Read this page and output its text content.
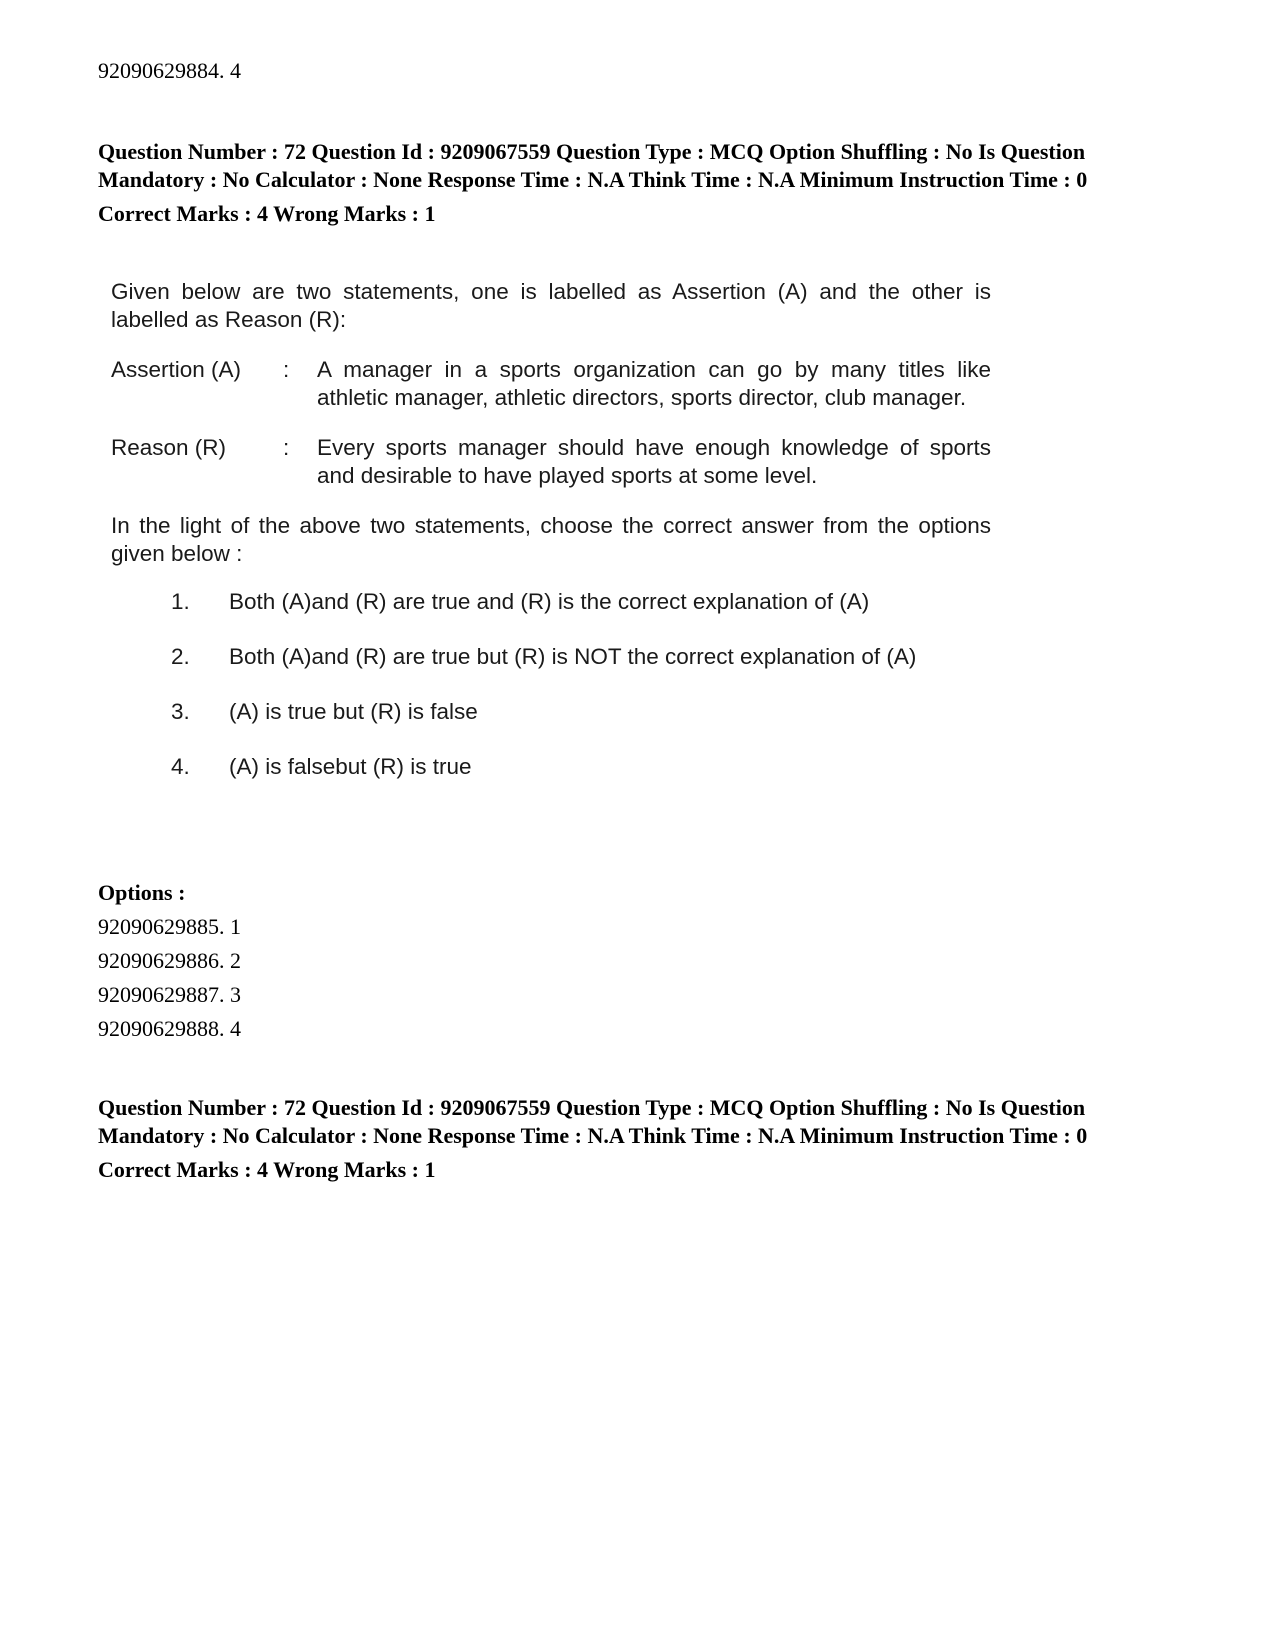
92090629884. 4

Question Number : 72 Question Id : 9209067559 Question Type : MCQ Option Shuffling : No Is Question Mandatory : No Calculator : None Response Time : N.A Think Time : N.A Minimum Instruction Time : 0

Correct Marks : 4 Wrong Marks : 1

Given below are two statements, one is labelled as Assertion (A) and the other is labelled as Reason (R):

Assertion (A)	:	A manager in a sports organization can go by many titles like athletic manager, athletic directors, sports director, club manager.
Reason (R)	:	Every sports manager should have enough knowledge of sports and desirable to have played sports at some level.

In the light of the above two statements, choose the correct answer from the options given below :

1.	Both (A)and (R) are true and (R) is the correct explanation of (A)
2.	Both (A)and (R) are true but (R) is NOT the correct explanation of (A)
3.	(A) is true but (R) is false
4.	(A) is falsebut (R) is true

Options :

92090629885. 1
92090629886. 2
92090629887. 3
92090629888. 4

Question Number : 72 Question Id : 9209067559 Question Type : MCQ Option Shuffling : No Is Question Mandatory : No Calculator : None Response Time : N.A Think Time : N.A Minimum Instruction Time : 0

Correct Marks : 4 Wrong Marks : 1
